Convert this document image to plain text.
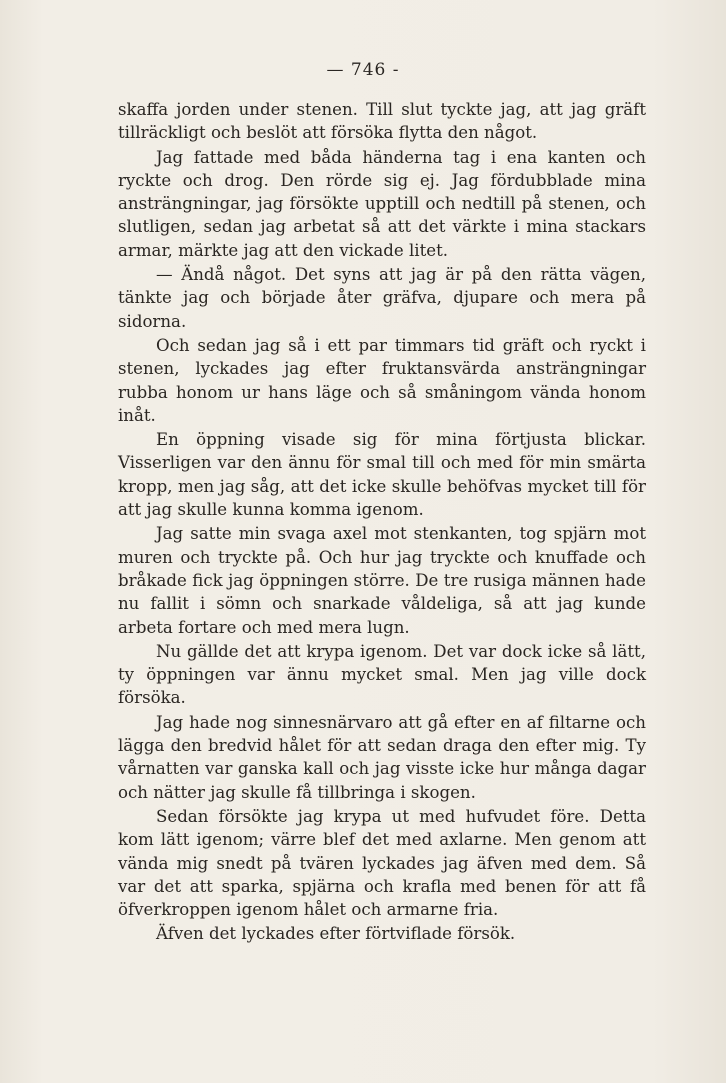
— 746 -

skaffa jorden under stenen. Till slut tyckte jag, att jag gräft tillräckligt och beslöt att försöka flytta den något.

Jag fattade med båda händerna tag i ena kanten och ryckte och drog. Den rörde sig ej. Jag fördubblade mina ansträngningar, jag försökte upptill och nedtill på stenen, och slutligen, sedan jag arbetat så att det värkte i mina stackars armar, märkte jag att den vickade litet.

— Ändå något. Det syns att jag är på den rätta vägen, tänkte jag och började åter gräfva, djupare och mera på sidorna.

Och sedan jag så i ett par timmars tid gräft och ryckt i stenen, lyckades jag efter fruktansvärda ansträngningar rubba honom ur hans läge och så småningom vända honom inåt.

En öppning visade sig för mina förtjusta blickar. Visserligen var den ännu för smal till och med för min smärta kropp, men jag såg, att det icke skulle behöfvas mycket till för att jag skulle kunna komma igenom.

Jag satte min svaga axel mot stenkanten, tog spjärn mot muren och tryckte på. Och hur jag tryckte och knuffade och bråkade fick jag öppningen större. De tre rusiga männen hade nu fallit i sömn och snarkade våldeliga, så att jag kunde arbeta fortare och med mera lugn.

Nu gällde det att krypa igenom. Det var dock icke så lätt, ty öppningen var ännu mycket smal. Men jag ville dock försöka.

Jag hade nog sinnesnärvaro att gå efter en af filtarne och lägga den bredvid hålet för att sedan draga den efter mig. Ty vårnatten var ganska kall och jag visste icke hur många dagar och nätter jag skulle få tillbringa i skogen.

Sedan försökte jag krypa ut med hufvudet före. Detta kom lätt igenom; värre blef det med axlarne. Men genom att vända mig snedt på tvären lyckades jag äfven med dem. Så var det att sparka, spjärna och krafla med benen för att få öfverkroppen igenom hålet och armarne fria.

Äfven det lyckades efter förtviflade försök.
